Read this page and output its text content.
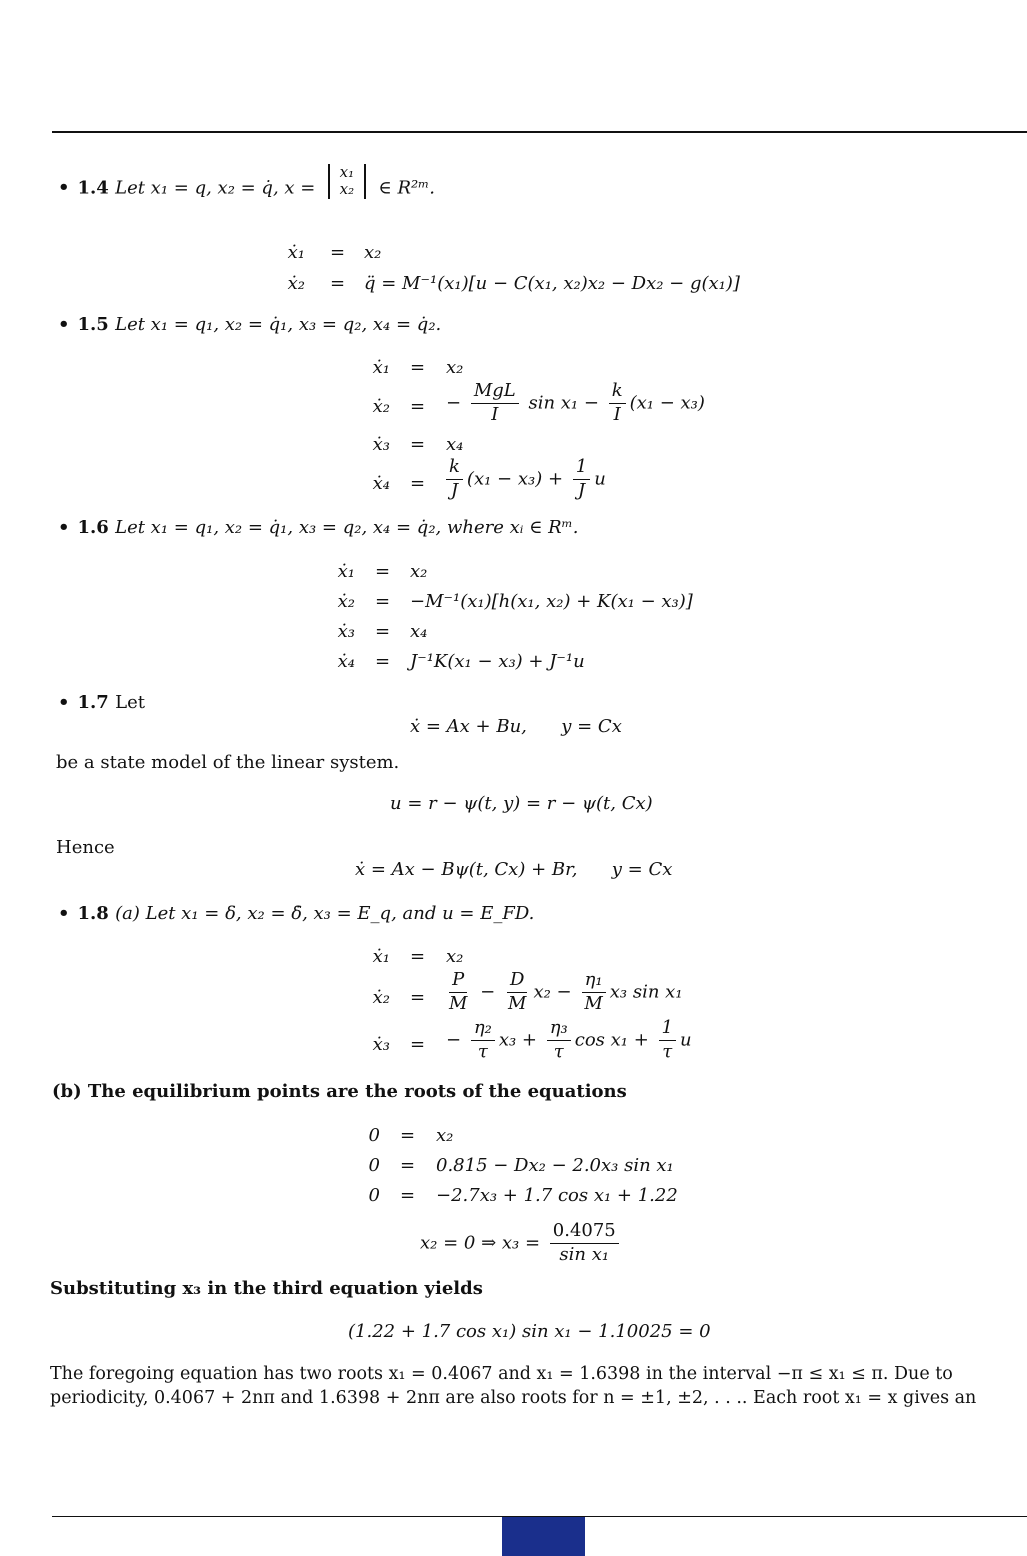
• 1.4 Let x₁ = q, x₂ = q̇, x =
x₁
x₂ ∈ R²ᵐ.
ẋ₁ = x₂
ẋ₂ = q̈ = M⁻¹(x₁)[u − C(x₁, x₂)x₂ − Dx₂ − g(x₁)]
• 1.5 Let x₁ = q₁, x₂ = q̇₁, x₃ = q₂, x₄ = q̇₂.
ẋ₁ = x₂
ẋ₂ = − $\frac{\text{MgL}}{I}$ $\sin x_1 - \frac{k}{I} (x_1 - x_3)$
ẋ₃ = x₄
ẋ₄ = $\frac{k}{J} (x_1 - x_3) + \frac{1}{J}$ u
• 1.6 Let x₁ = q₁, x₂ = q̇₁, x₃ = q₂, x₄ = q̇₂, where xᵢ ∈ Rᵐ.
ẋ₁ = x₂
ẋ₂ = −M⁻¹(x₁)[h(x₁, x₂) + K(x₁ − x₃)]
ẋ₃ = x₄
ẋ₄ = J⁻¹K(x₁ − x₃) + J⁻¹u
• 1.7 Let
ẋ = Ax + Bu,      y = Cx
be a state model of the linear system.
u = r − ψ(t, y) = r − ψ(t, Cx)
Hence
ẋ = Ax − Bψ(t, Cx) + Br,      y = Cx
• 1.8 (a) Let x₁ = δ, x₂ = δ̇, x₃ = E_q, and u = E_FD.
ẋ₁ = x₂
ẋ₂ = $\frac{P}{M} - \frac{D}{M} x_2 - \frac{\text{η₁}}{M} x_3$ sin x₁
ẋ₃ = − $\frac{\text{η₂}}{\tau} x_3 + \frac{\text{η₃}}{\tau}$ $\cos x_1 + \frac{1}{\tau}$ u
(b) The equilibrium points are the roots of the equations
0 = x₂
0 = 0.815 − Dx₂ − 2.0x₃ sin x₁
0 = −2.7x₃ + 1.7 cos x₁ + 1.22
x₂ = 0 ⇒ $x_3 = \frac{0.4075}{\text{sin x₁}}$
Substituting x₃ in the third equation yields
(1.22 + 1.7 cos x₁) sin x₁ − 1.10025 = 0
The foregoing equation has two roots x₁ = 0.4067 and x₁ = 1.6398 in the interval −π ≤ x₁ ≤ π. Due to
periodicity, 0.4067 + 2nπ and 1.6398 + 2nπ are also roots for n = ±1, ±2, . . .. Each root x₁ = x gives an
